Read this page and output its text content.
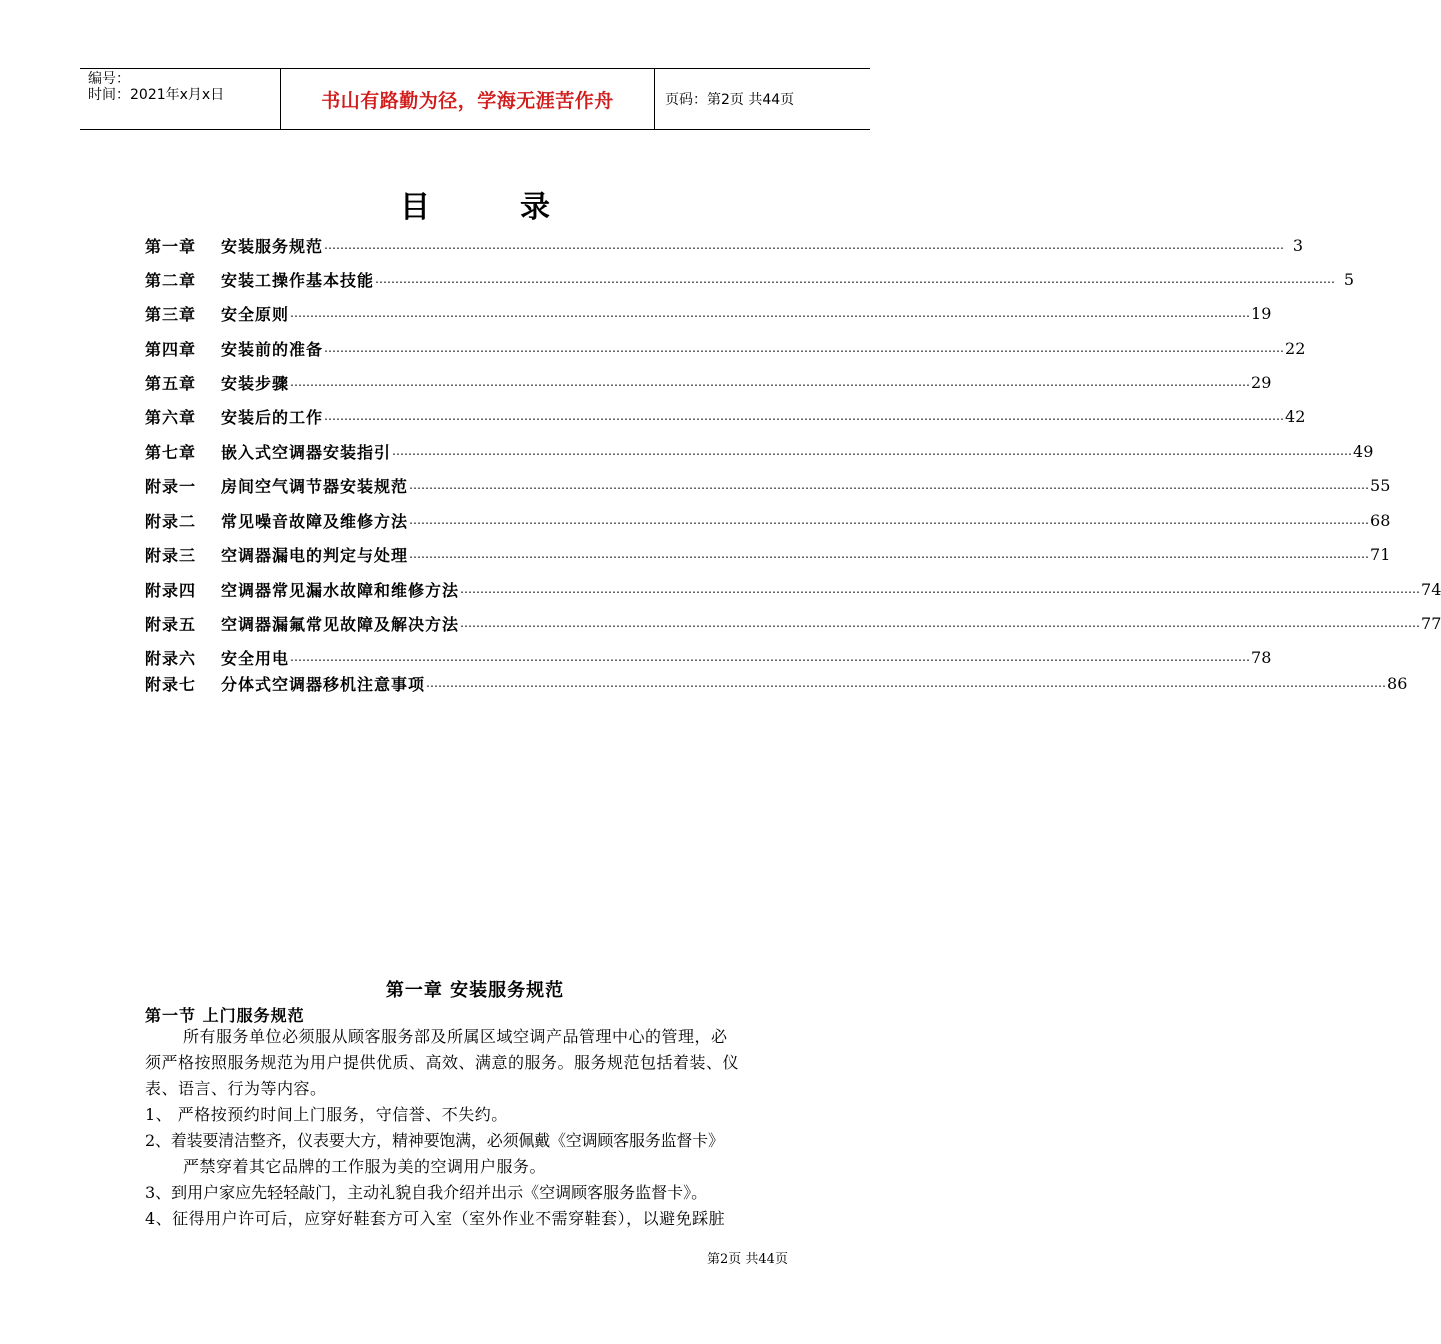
编号：
时间：2021年x月x日	书山有路勤为径，学海无涯苦作舟	页码：第2页 共44页
目	录
第一章	安装服务规范 …………………………………………………………………………………………………………………………………………………………………………………………………………………… 3
第二章	安装工操作基本技能 …………………………………………………………………………………………………………………………………………………………………………………………………………………… 5
第三章	安全原则 …………………………………………………………………………………………………………………………………………………………………………………………………………………… 19
第四章	安装前的准备 …………………………………………………………………………………………………………………………………………………………………………………………………………………… 22
第五章	安装步骤 …………………………………………………………………………………………………………………………………………………………………………………………………………………… 29
第六章	安装后的工作 …………………………………………………………………………………………………………………………………………………………………………………………………………………… 42
第七章	嵌入式空调器安装指引 …………………………………………………………………………………………………………………………………………………………………………………………………………………… 49
附录一	房间空气调节器安装规范 …………………………………………………………………………………………………………………………………………………………………………………………………………………… 55
附录二	常见噪音故障及维修方法 …………………………………………………………………………………………………………………………………………………………………………………………………………………… 68
附录三	空调器漏电的判定与处理 …………………………………………………………………………………………………………………………………………………………………………………………………………………… 71
附录四	空调器常见漏水故障和维修方法 …………………………………………………………………………………………………………………………………………………………………………………………………………………… 74
附录五	空调器漏氟常见故障及解决方法 …………………………………………………………………………………………………………………………………………………………………………………………………………………… 77
附录六	安全用电 …………………………………………………………………………………………………………………………………………………………………………………………………………………… 78
附录七	分体式空调器移机注意事项 …………………………………………………………………………………………………………………………………………………………………………………………………………………… 86
第一章 安装服务规范
第一节 上门服务规范
所有服务单位必须服从顾客服务部及所属区域空调产品管理中心的管理，必
须严格按照服务规范为用户提供优质、高效、满意的服务。服务规范包括着装、仪
表、语言、行为等内容。
1、 严格按预约时间上门服务，守信誉、不失约。
2、着装要清洁整齐，仪表要大方，精神要饱满，必须佩戴《空调顾客服务监督卡》
严禁穿着其它品牌的工作服为美的空调用户服务。
3、到用户家应先轻轻敲门，主动礼貌自我介绍并出示《空调顾客服务监督卡》。
4、征得用户许可后，应穿好鞋套方可入室（室外作业不需穿鞋套），以避免踩脏
第2页 共44页
